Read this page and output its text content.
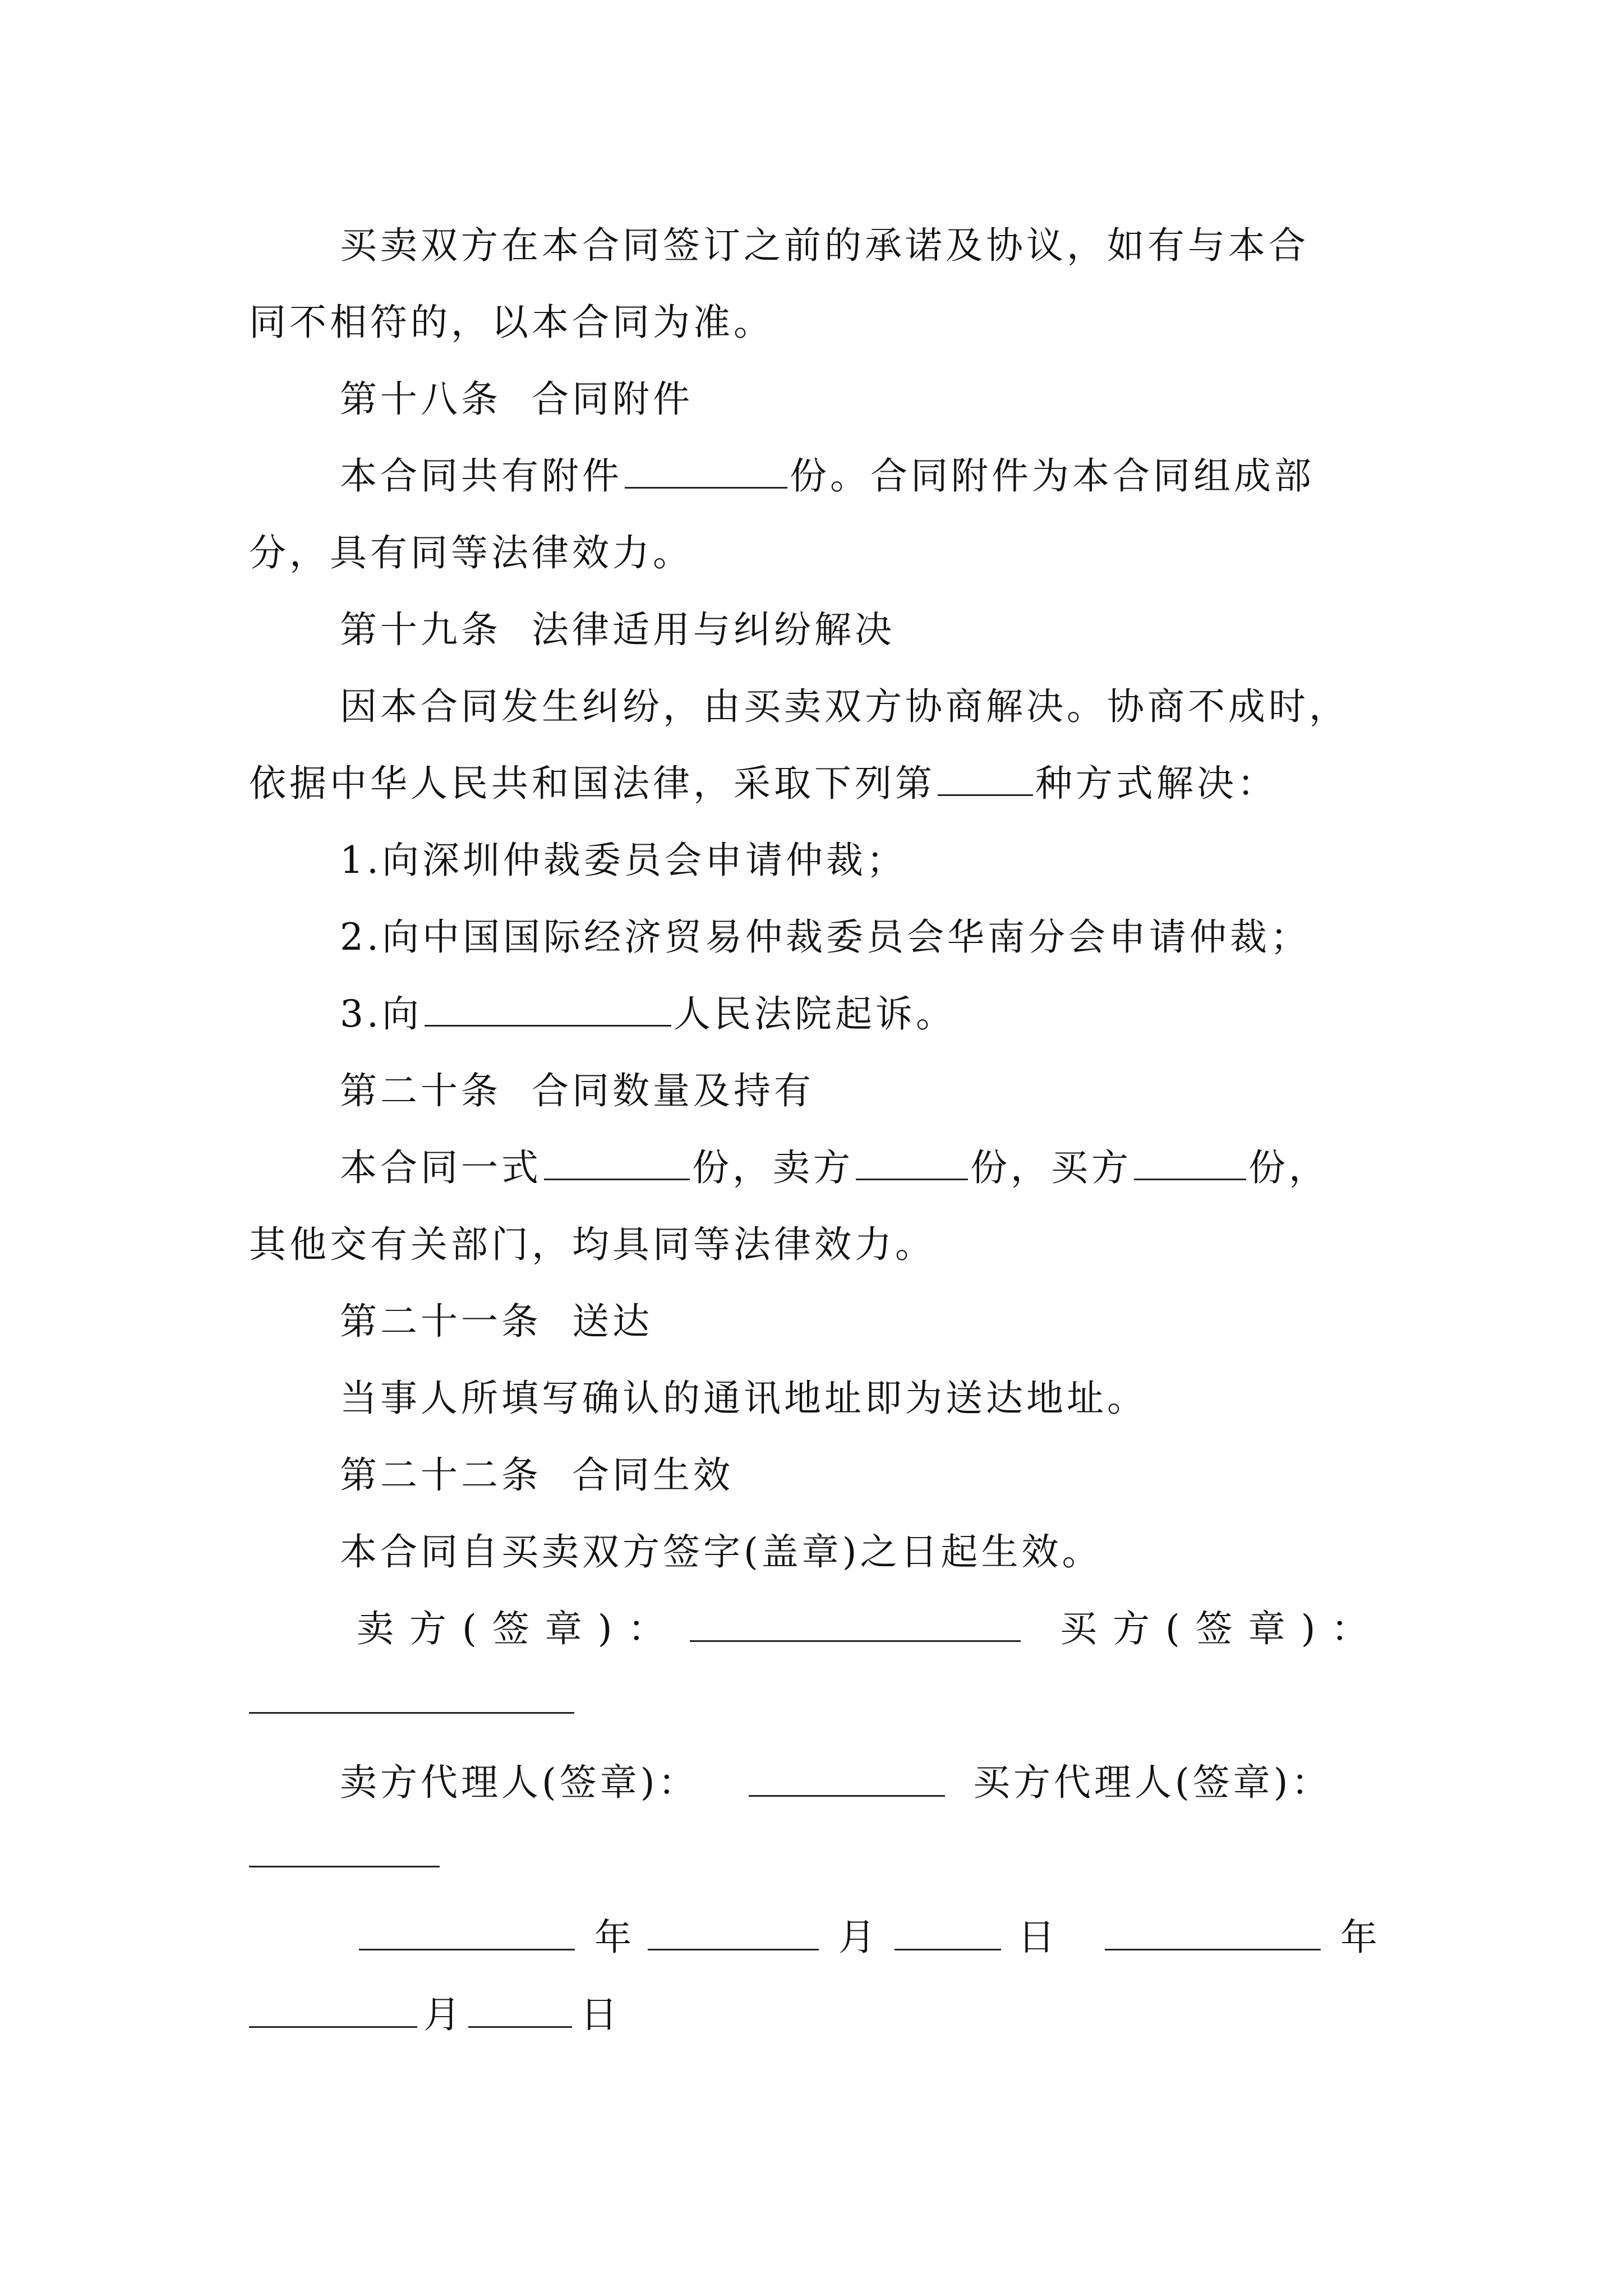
买卖双方在本合同签订之前的承诺及协议，如有与本合
同不相符的，以本合同为准。
第十八条  合同附件
本合同共有附件	份。合同附件为本合同组成部
分，具有同等法律效力。
第十九条  法律适用与纠纷解决
因本合同发生纠纷，由买卖双方协商解决。协商不成时，
依据中华人民共和国法律，采取下列第	种方式解决：
1.向深圳仲裁委员会申请仲裁；
2.向中国国际经济贸易仲裁委员会华南分会申请仲裁；
3.向	人民法院起诉。
第二十条  合同数量及持有
本合同一式	份，卖方	份，买方	份，
其他交有关部门，均具同等法律效力。
第二十一条  送达
当事人所填写确认的通讯地址即为送达地址。
第二十二条  合同生效
本合同自买卖双方签字(盖章)之日起生效。
卖方(签章)：	买方(签章)：
卖方代理人(签章)：	买方代理人(签章)：
年	月	日	年
月	日
